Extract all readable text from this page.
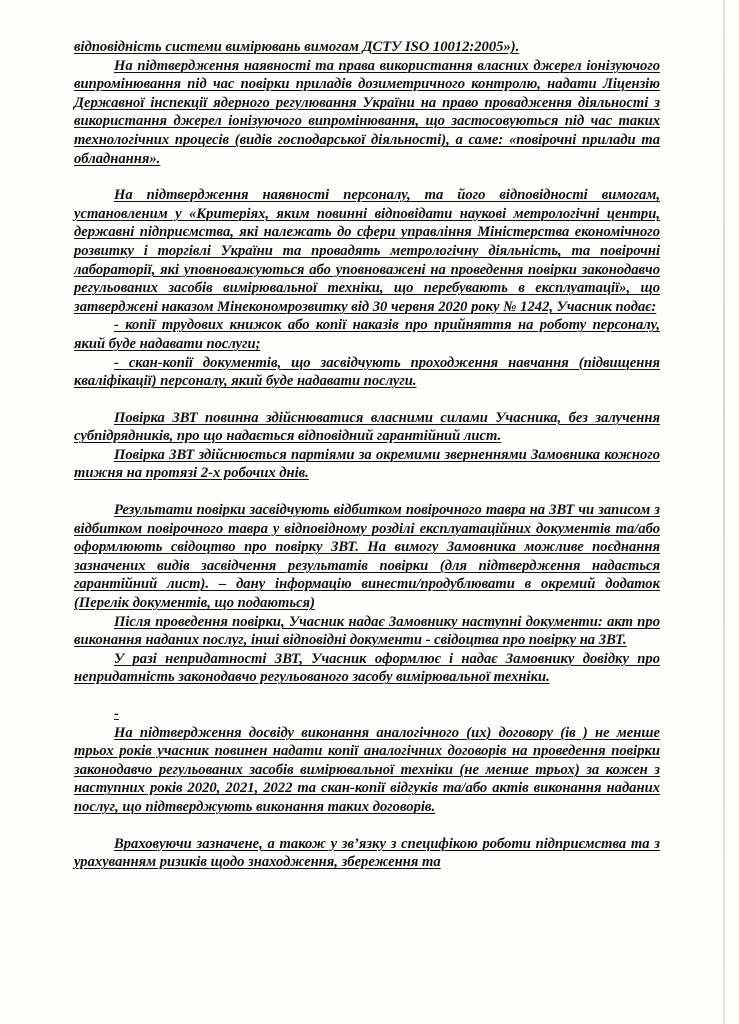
відповідність системи вимірювань вимогам ДСТУ ISO 10012:2005»).

На підтвердження наявності та права використання власних джерел іонізуючого випромінювання під час повірки приладів дозиметричного контролю, надати Ліцензію Державної інспекції ядерного регулювання України на право провадження діяльності з використання джерел іонізуючого випромінювання, що застосовуються під час таких технологічних процесів (видів господарської діяльності), а саме: «повірочні прилади та обладнання».

На підтвердження наявності персоналу, та його відповідності вимогам, установленим у «Критеріях, яким повинні відповідати наукові метрологічні центри, державні підприємства, які належать до сфери управління Міністерства економічного розвитку і торгівлі України та провадять метрологічну діяльність, та повірочні лабораторії, які уповноважуються або уповноважені на проведення повірки законодавчо регульованих засобів вимірювальної техніки, що перебувають в експлуатації», що затверджені наказом Мінекономрозвитку від 30 червня 2020 року № 1242, Учасник подає:

- копії трудових книжок або копії наказів про прийняття на роботу персоналу, який буде надавати послуги;

- скан-копії документів, що засвідчують проходження навчання (підвищення кваліфікації) персоналу, який буде надавати послуги.

Повірка ЗВТ повинна здійснюватися власними силами Учасника, без залучення субпідрядників, про що надається відповідний гарантійний лист.

Повірка ЗВТ здійснюється партіями за окремими зверненнями Замовника кожного тижня на протязі 2-х робочих днів.

Результати повірки засвідчують відбитком повірочного тавра на ЗВТ чи записом з відбитком повірочного тавра у відповідному розділі експлуатаційних документів та/або оформлюють свідоцтво про повірку ЗВТ. На вимогу Замовника можливе поєднання зазначених видів засвідчення результатів повірки (для підтвердження надається гарантійний лист). – дану інформацію винести/продублювати в окремий додаток (Перелік документів, що подаються)

Після проведення повірки, Учасник надає Замовнику наступні документи: акт про виконання наданих послуг, інші відповідні документи - свідоцтва про повірку на ЗВТ.

У разі непридатності ЗВТ, Учасник оформлює і надає Замовнику довідку про непридатність законодавчо регульованого засобу вимірювальної техніки.

-

На підтвердження досвіду виконання аналогічного (их) договору (ів ) не менше трьох років учасник повинен надати копії аналогічних договорів на проведення повірки законодавчо регульованих засобів вимірювальної техніки (не менше трьох) за кожен з наступних років 2020, 2021, 2022 та скан-копії відгуків та/або актів виконання наданих послуг, що підтверджують виконання таких договорів.

Враховуючи зазначене, а також у зв’язку з специфікою роботи підприємства та з урахуванням ризиків щодо знаходження, збереження та
